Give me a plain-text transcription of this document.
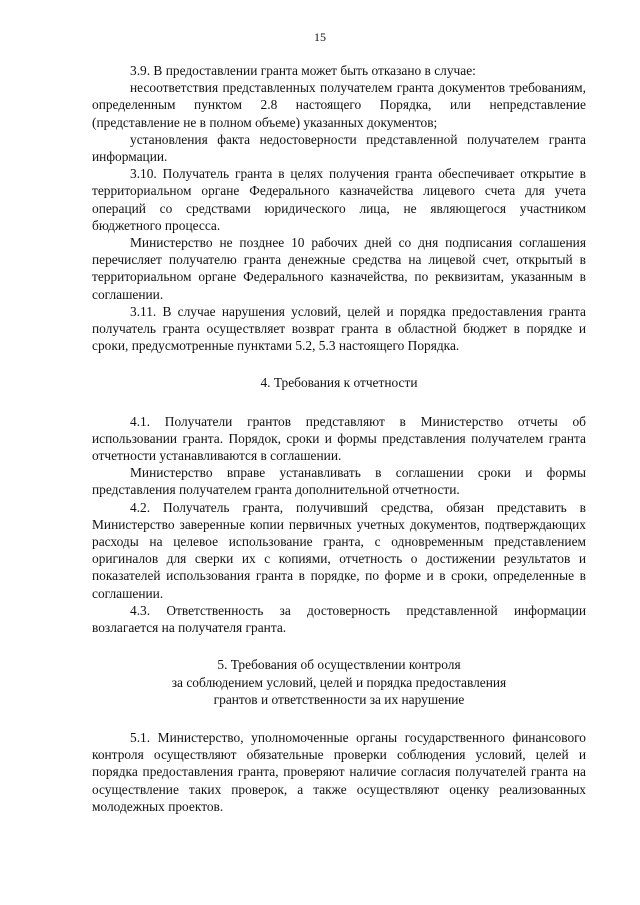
15

3.9. В предоставлении гранта может быть отказано в случае:

несоответствия представленных получателем гранта документов требованиям, определенным пунктом 2.8 настоящего Порядка, или непредставление (представление не в полном объеме) указанных документов;

установления факта недостоверности представленной получателем гранта информации.

3.10. Получатель гранта в целях получения гранта обеспечивает открытие в территориальном органе Федерального казначейства лицевого счета для учета операций со средствами юридического лица, не являющегося участником бюджетного процесса.

Министерство не позднее 10 рабочих дней со дня подписания соглашения перечисляет получателю гранта денежные средства на лицевой счет, открытый в территориальном органе Федерального казначейства, по реквизитам, указанным в соглашении.

3.11. В случае нарушения условий, целей и порядка предоставления гранта получатель гранта осуществляет возврат гранта в областной бюджет в порядке и сроки, предусмотренные пунктами 5.2, 5.3 настоящего Порядка.

4. Требования к отчетности

4.1. Получатели грантов представляют в Министерство отчеты об использовании гранта. Порядок, сроки и формы представления получателем гранта отчетности устанавливаются в соглашении.

Министерство вправе устанавливать в соглашении сроки и формы представления получателем гранта дополнительной отчетности.

4.2. Получатель гранта, получивший средства, обязан представить в Министерство заверенные копии первичных учетных документов, подтверждающих расходы на целевое использование гранта, с одновременным представлением оригиналов для сверки их с копиями, отчетность о достижении результатов и показателей использования гранта в порядке, по форме и в сроки, определенные в соглашении.

4.3. Ответственность за достоверность представленной информации возлагается на получателя гранта.

5. Требования об осуществлении контроля
за соблюдением условий, целей и порядка предоставления
грантов и ответственности за их нарушение

5.1. Министерство, уполномоченные органы государственного финансового контроля осуществляют обязательные проверки соблюдения условий, целей и порядка предоставления гранта, проверяют наличие согласия получателей гранта на осуществление таких проверок, а также осуществляют оценку реализованных молодежных проектов.
